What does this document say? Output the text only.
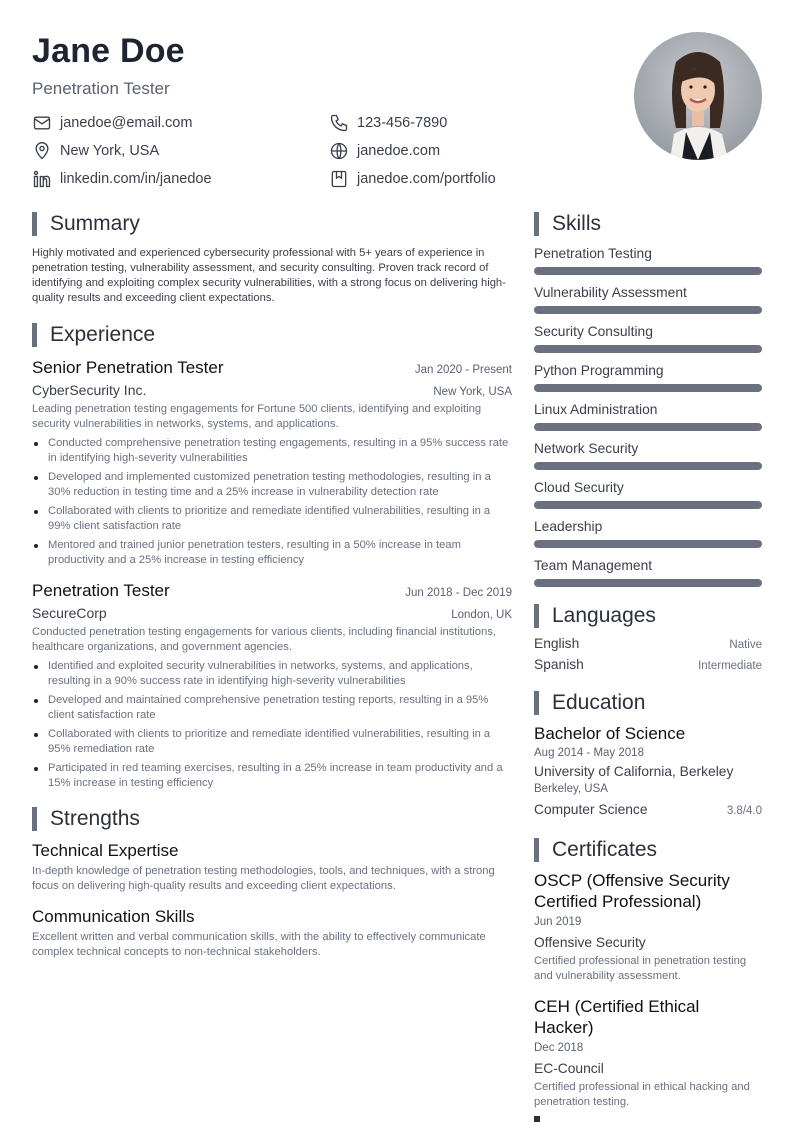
Jane Doe
Penetration Tester
janedoe@email.com	123-456-7890
New York, USA	janedoe.com
linkedin.com/in/janedoe	janedoe.com/portfolio
Summary
Highly motivated and experienced cybersecurity professional with 5+ years of experience in penetration testing, vulnerability assessment, and security consulting. Proven track record of identifying and exploiting complex security vulnerabilities, with a strong focus on delivering high-quality results and exceeding client expectations.
Experience
Senior Penetration Tester	Jan 2020 - Present
CyberSecurity Inc.	New York, USA
Leading penetration testing engagements for Fortune 500 clients, identifying and exploiting security vulnerabilities in networks, systems, and applications.
Conducted comprehensive penetration testing engagements, resulting in a 95% success rate in identifying high-severity vulnerabilities
Developed and implemented customized penetration testing methodologies, resulting in a 30% reduction in testing time and a 25% increase in vulnerability detection rate
Collaborated with clients to prioritize and remediate identified vulnerabilities, resulting in a 99% client satisfaction rate
Mentored and trained junior penetration testers, resulting in a 50% increase in team productivity and a 25% increase in testing efficiency
Penetration Tester	Jun 2018 - Dec 2019
SecureCorp	London, UK
Conducted penetration testing engagements for various clients, including financial institutions, healthcare organizations, and government agencies.
Identified and exploited security vulnerabilities in networks, systems, and applications, resulting in a 90% success rate in identifying high-severity vulnerabilities
Developed and maintained comprehensive penetration testing reports, resulting in a 95% client satisfaction rate
Collaborated with clients to prioritize and remediate identified vulnerabilities, resulting in a 95% remediation rate
Participated in red teaming exercises, resulting in a 25% increase in team productivity and a 15% increase in testing efficiency
Strengths
Technical Expertise
In-depth knowledge of penetration testing methodologies, tools, and techniques, with a strong focus on delivering high-quality results and exceeding client expectations.
Communication Skills
Excellent written and verbal communication skills, with the ability to effectively communicate complex technical concepts to non-technical stakeholders.
Skills
Penetration Testing
Vulnerability Assessment
Security Consulting
Python Programming
Linux Administration
Network Security
Cloud Security
Leadership
Team Management
Languages
English	Native
Spanish	Intermediate
Education
Bachelor of Science
Aug 2014 - May 2018
University of California, Berkeley
Berkeley, USA
Computer Science	3.8/4.0
Certificates
OSCP (Offensive Security Certified Professional)
Jun 2019
Offensive Security
Certified professional in penetration testing and vulnerability assessment.
CEH (Certified Ethical Hacker)
Dec 2018
EC-Council
Certified professional in ethical hacking and penetration testing.
